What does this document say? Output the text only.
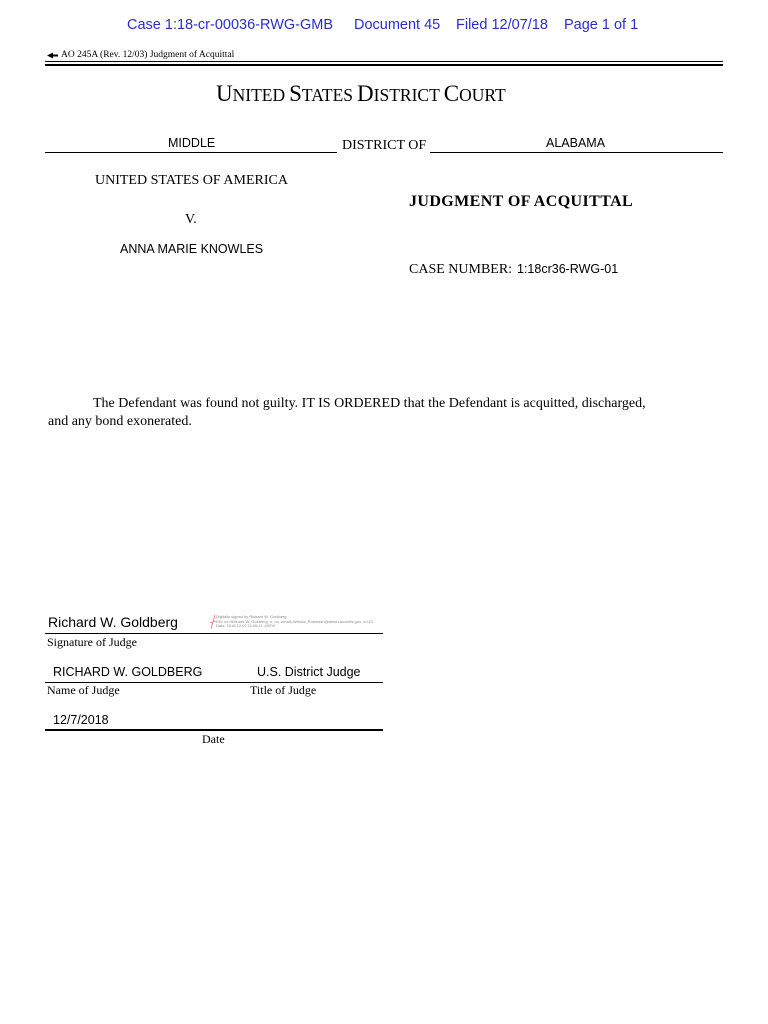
Case 1:18-cr-00036-RWG-GMB Document 45 Filed 12/07/18 Page 1 of 1
AO 245A (Rev. 12/03) Judgment of Acquittal
UNITED STATES DISTRICT COURT
MIDDLE	DISTRICT OF	ALABAMA
UNITED STATES OF AMERICA
V.
ANNA MARIE KNOWLES
JUDGMENT OF ACQUITTAL
CASE NUMBER: 1:18cr36-RWG-01
The Defendant was found not guilty. IT IS ORDERED that the Defendant is acquitted, discharged,
and any bond exonerated.
Richard W. Goldberg	Digitally signed by Richard W. Goldberg
DN: cn=Richard W. Goldberg, o, ou, email=Wanda_Robinson@almd.uscourts.gov, c=US
Date: 2018.12.07 11:09:11 -06'00'
Signature of Judge
RICHARD W. GOLDBERG	U.S. District Judge
Name of Judge	Title of Judge
12/7/2018
Date
